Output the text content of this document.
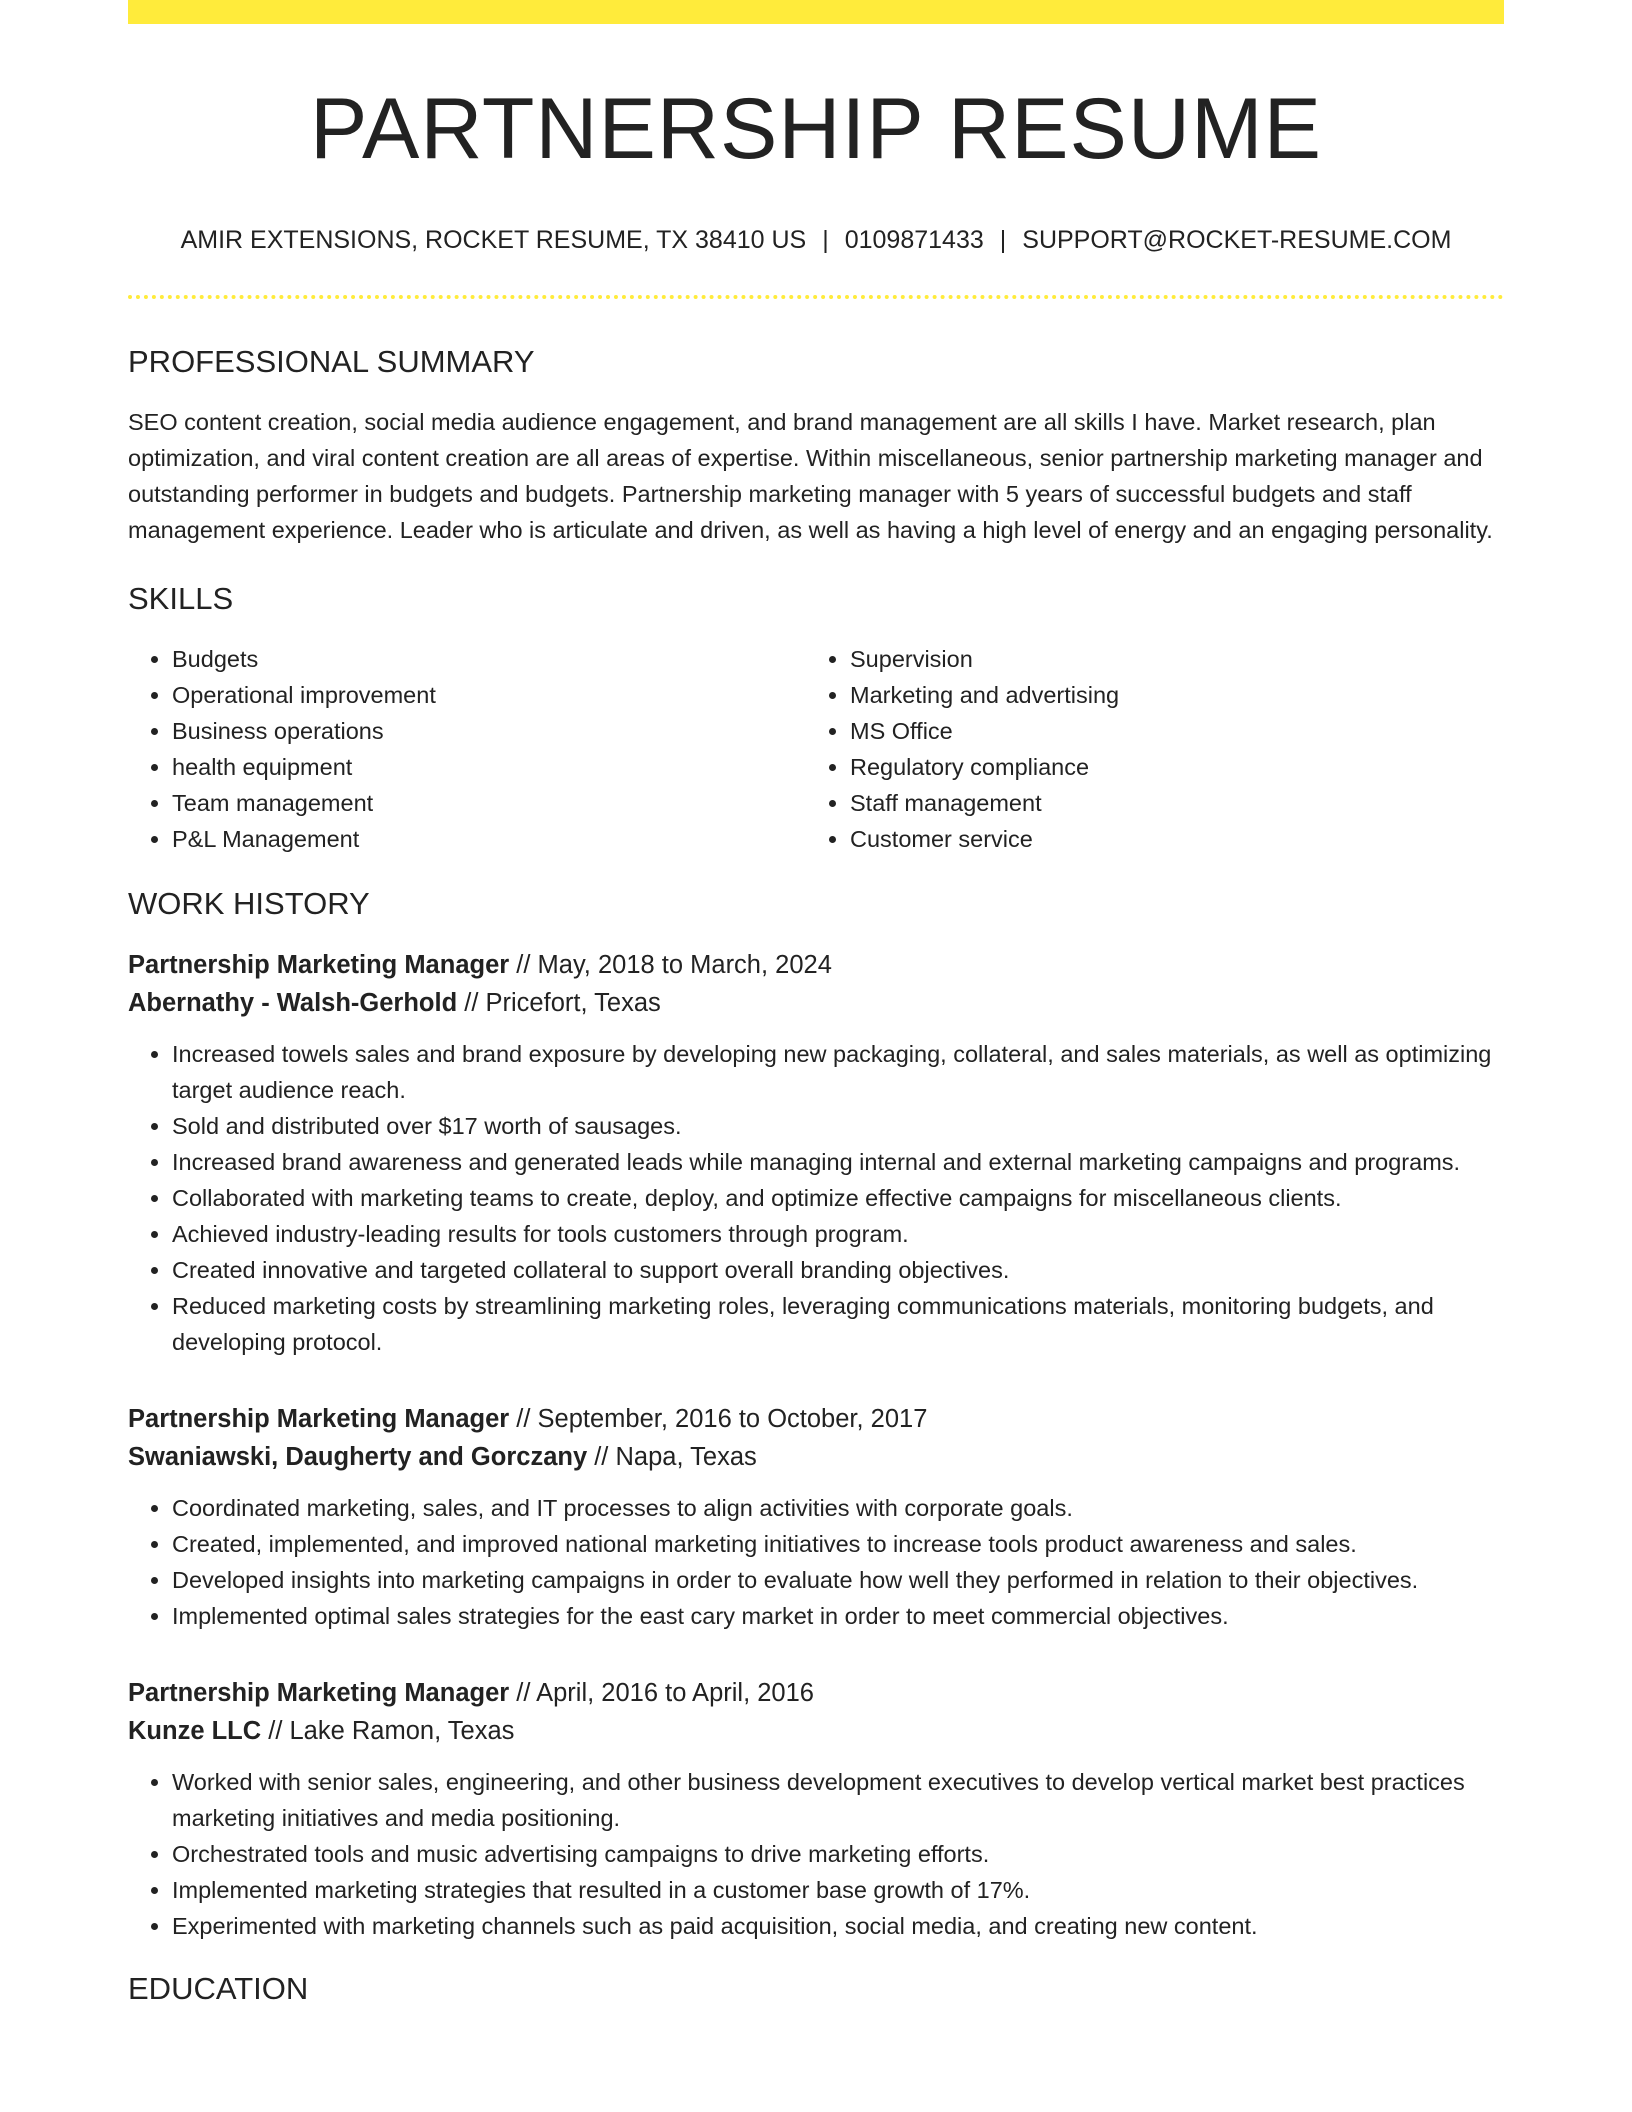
PARTNERSHIP RESUME
AMIR EXTENSIONS, ROCKET RESUME, TX 38410 US | 0109871433 | SUPPORT@ROCKET-RESUME.COM
PROFESSIONAL SUMMARY

SEO content creation, social media audience engagement, and brand management are all skills I have. Market research, plan optimization, and viral content creation are all areas of expertise. Within miscellaneous, senior partnership marketing manager and outstanding performer in budgets and budgets. Partnership marketing manager with 5 years of successful budgets and staff management experience. Leader who is articulate and driven, as well as having a high level of energy and an engaging personality.

SKILLS
• Budgets
• Operational improvement
• Business operations
• health equipment
• Team management
• P&L Management
• Supervision
• Marketing and advertising
• MS Office
• Regulatory compliance
• Staff management
• Customer service
WORK HISTORY
Partnership Marketing Manager // May, 2018 to March, 2024
Abernathy - Walsh-Gerhold // Pricefort, Texas
• Increased towels sales and brand exposure by developing new packaging, collateral, and sales materials, as well as optimizing target audience reach.
• Sold and distributed over $17 worth of sausages.
• Increased brand awareness and generated leads while managing internal and external marketing campaigns and programs.
• Collaborated with marketing teams to create, deploy, and optimize effective campaigns for miscellaneous clients.
• Achieved industry-leading results for tools customers through program.
• Created innovative and targeted collateral to support overall branding objectives.
• Reduced marketing costs by streamlining marketing roles, leveraging communications materials, monitoring budgets, and developing protocol.
Partnership Marketing Manager // September, 2016 to October, 2017
Swaniawski, Daugherty and Gorczany // Napa, Texas
• Coordinated marketing, sales, and IT processes to align activities with corporate goals.
• Created, implemented, and improved national marketing initiatives to increase tools product awareness and sales.
• Developed insights into marketing campaigns in order to evaluate how well they performed in relation to their objectives.
• Implemented optimal sales strategies for the east cary market in order to meet commercial objectives.
Partnership Marketing Manager // April, 2016 to April, 2016
Kunze LLC // Lake Ramon, Texas
• Worked with senior sales, engineering, and other business development executives to develop vertical market best practices marketing initiatives and media positioning.
• Orchestrated tools and music advertising campaigns to drive marketing efforts.
• Implemented marketing strategies that resulted in a customer base growth of 17%.
• Experimented with marketing channels such as paid acquisition, social media, and creating new content.
EDUCATION
